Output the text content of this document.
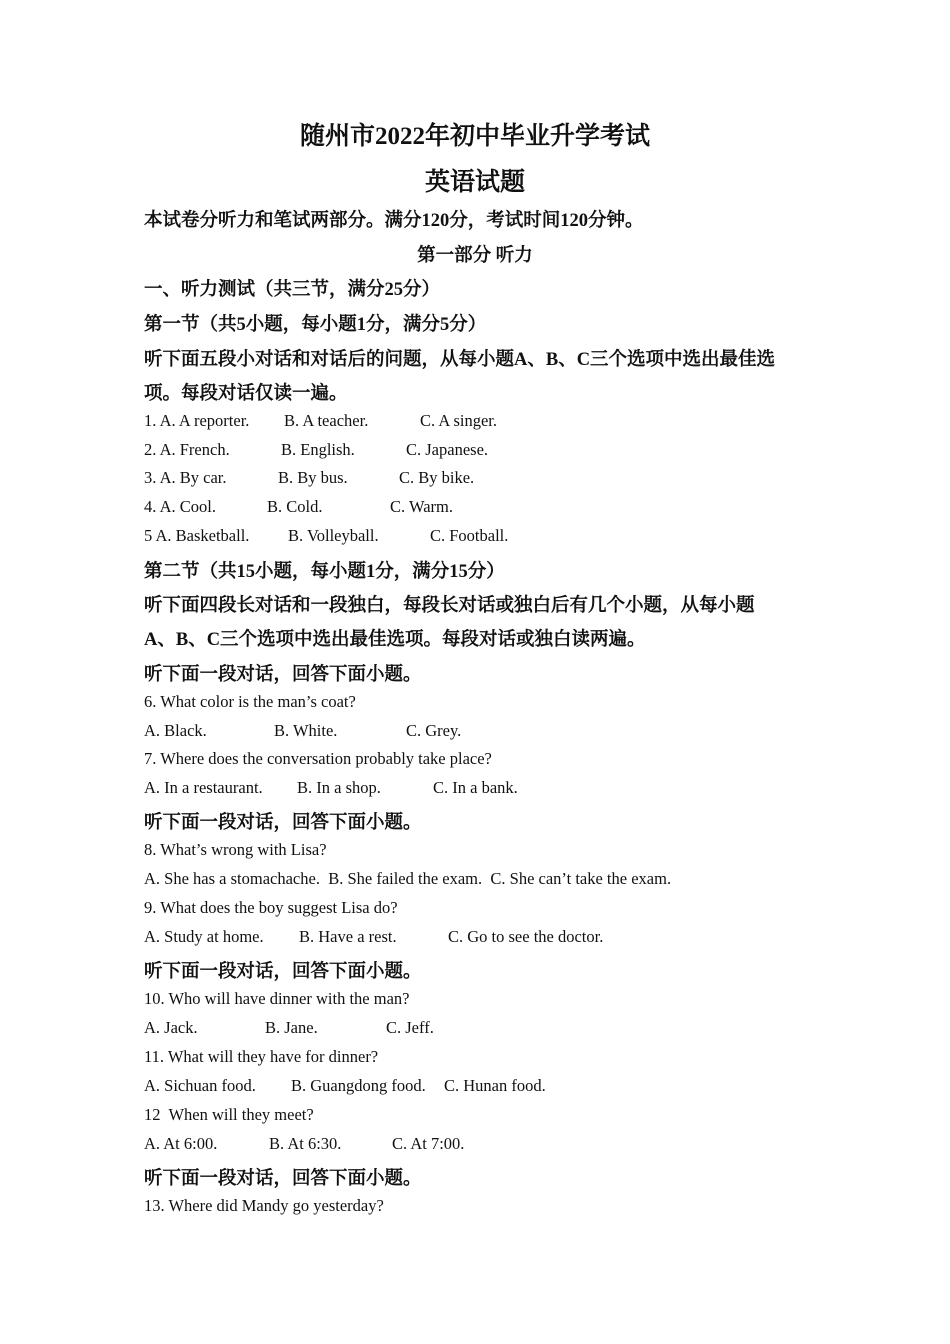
随州市2022年初中毕业升学考试
英语试题
本试卷分听力和笔试两部分。满分120分，考试时间120分钟。
第一部分 听力
一、听力测试（共三节，满分25分）
第一节（共5小题，每小题1分，满分5分）
听下面五段小对话和对话后的问题，从每小题A、B、C三个选项中选出最佳选
项。每段对话仅读一遍。
1. A. A reporter. B. A teacher.	C. A singer.
2. A. French.	B. English.	C. Japanese.
3. A. By car.	B. By bus.	C. By bike.
4. A. Cool.	B. Cold.	C. Warm.
5 A. Basketball. B. Volleyball.	C. Football.
第二节（共15小题，每小题1分，满分15分）
听下面四段长对话和一段独白，每段长对话或独白后有几个小题，从每小题
A、B、C三个选项中选出最佳选项。每段对话或独白读两遍。
听下面一段对话，回答下面小题。
6. What color is the man’s coat?
A. Black.	B. White.	C. Grey.
7. Where does the conversation probably take place?
A. In a restaurant. B. In a shop.	C. In a bank.
听下面一段对话，回答下面小题。
8. What’s wrong with Lisa?
A. She has a stomachache.  B. She failed the exam.  C. She can’t take the exam.
9. What does the boy suggest Lisa do?
A. Study at home. B. Have a rest.	C. Go to see the doctor.
听下面一段对话，回答下面小题。
10. Who will have dinner with the man?
A. Jack.	B. Jane.	C. Jeff.
11. What will they have for dinner?
A. Sichuan food. B. Guangdong food. C. Hunan food.
12  When will they meet?
A. At 6:00.	B. At 6:30.	C. At 7:00.
听下面一段对话，回答下面小题。
13. Where did Mandy go yesterday?
